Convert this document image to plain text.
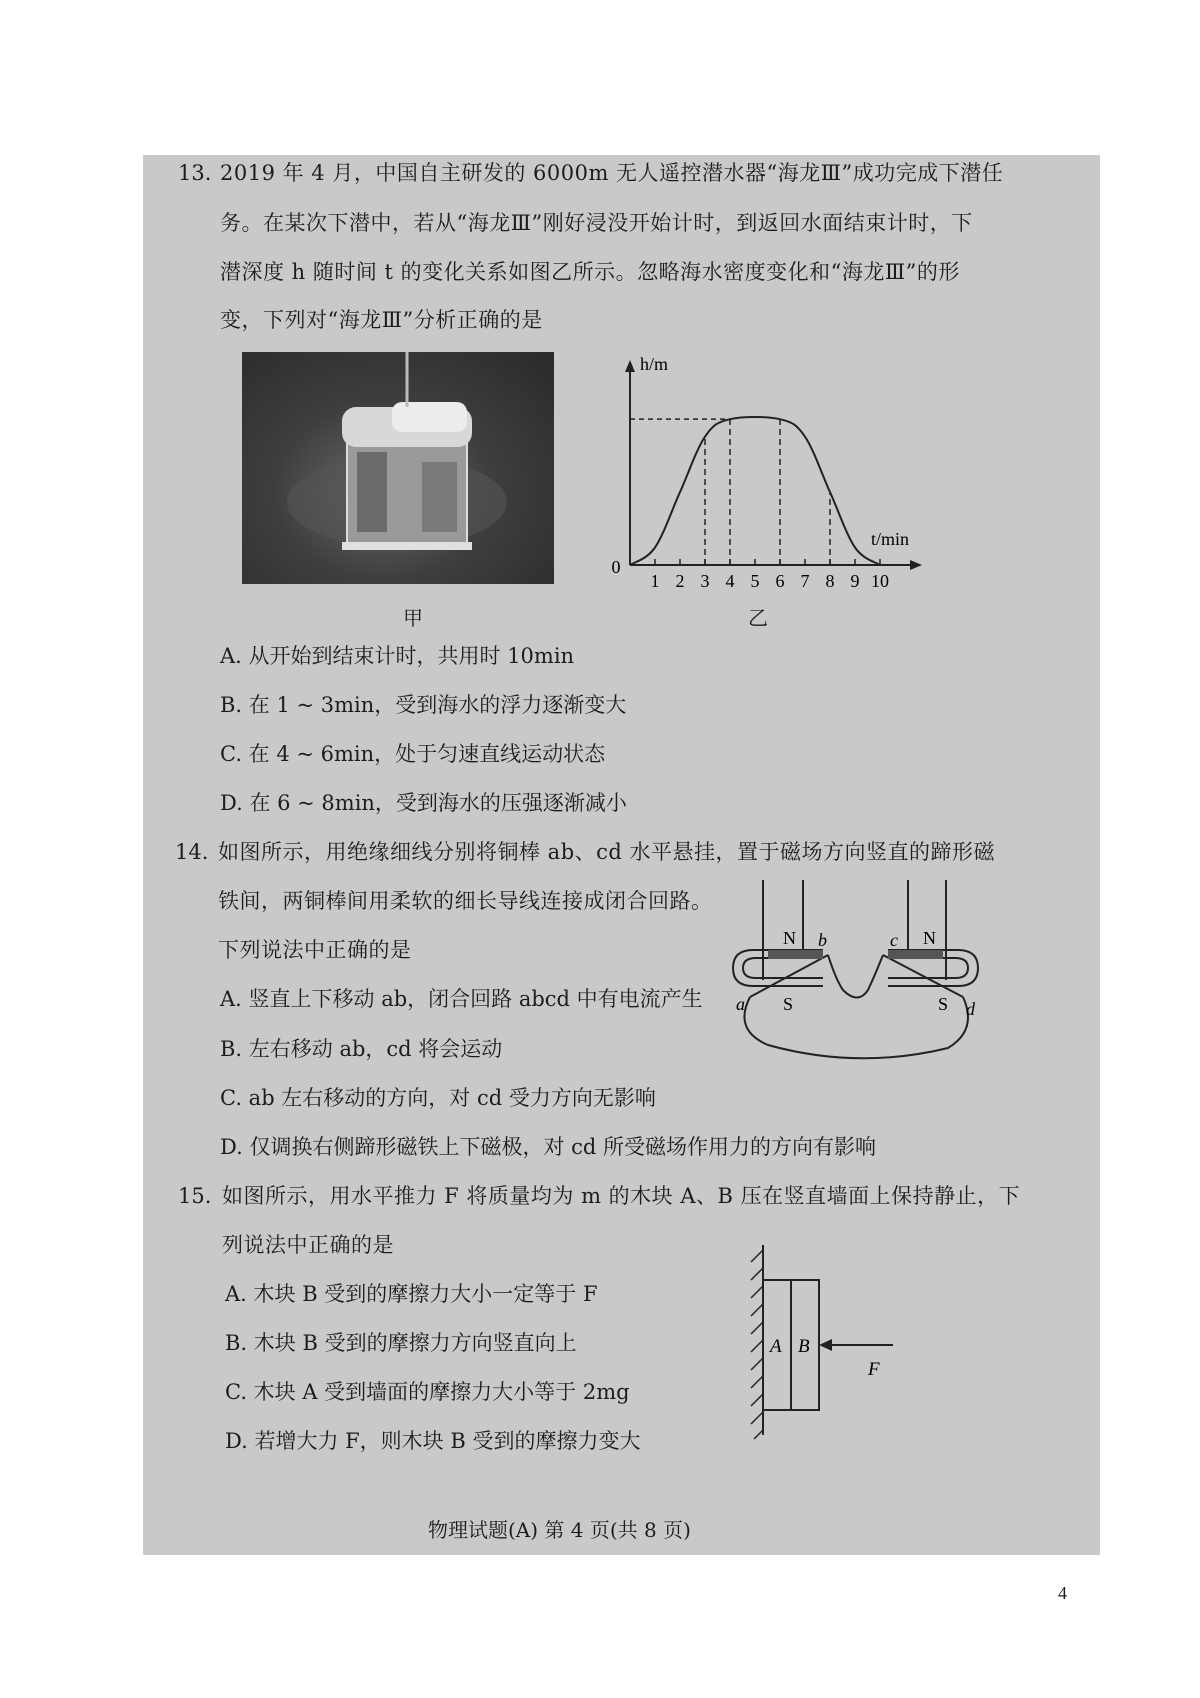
13. 2019 年 4 月，中国自主研发的 6000m 无人遥控潜水器“海龙Ⅲ”成功完成下潜任
务。在某次下潜中，若从“海龙Ⅲ”刚好浸没开始计时，到返回水面结束计时，下
潜深度 h 随时间 t 的变化关系如图乙所示。忽略海水密度变化和“海龙Ⅲ”的形
变，下列对“海龙Ⅲ”分析正确的是
甲
1 2 3 4 5 6 7 8 9 10
0
h/m
t/min
乙
A. 从开始到结束计时，共用时 10min
B. 在 1 ~ 3min，受到海水的浮力逐渐变大
C. 在 4 ~ 6min，处于匀速直线运动状态
D. 在 6 ~ 8min，受到海水的压强逐渐减小
14. 如图所示，用绝缘细线分别将铜棒 ab、cd 水平悬挂，置于磁场方向竖直的蹄形磁
铁间，两铜棒间用柔软的细长导线连接成闭合回路。
下列说法中正确的是	N b	c N
a S	S d
A. 竖直上下移动 ab，闭合回路 abcd 中有电流产生
B. 左右移动 ab，cd 将会运动
C. ab 左右移动的方向，对 cd 受力方向无影响
D. 仅调换右侧蹄形磁铁上下磁极，对 cd 所受磁场作用力的方向有影响
15. 如图所示，用水平推力 F 将质量均为 m 的木块 A、B 压在竖直墙面上保持静止，下
列说法中正确的是
A B
F
A. 木块 B 受到的摩擦力大小一定等于 F
B. 木块 B 受到的摩擦力方向竖直向上
C. 木块 A 受到墙面的摩擦力大小等于 2mg
D. 若增大力 F，则木块 B 受到的摩擦力变大
物理试题(A) 第 4 页(共 8 页)
4
